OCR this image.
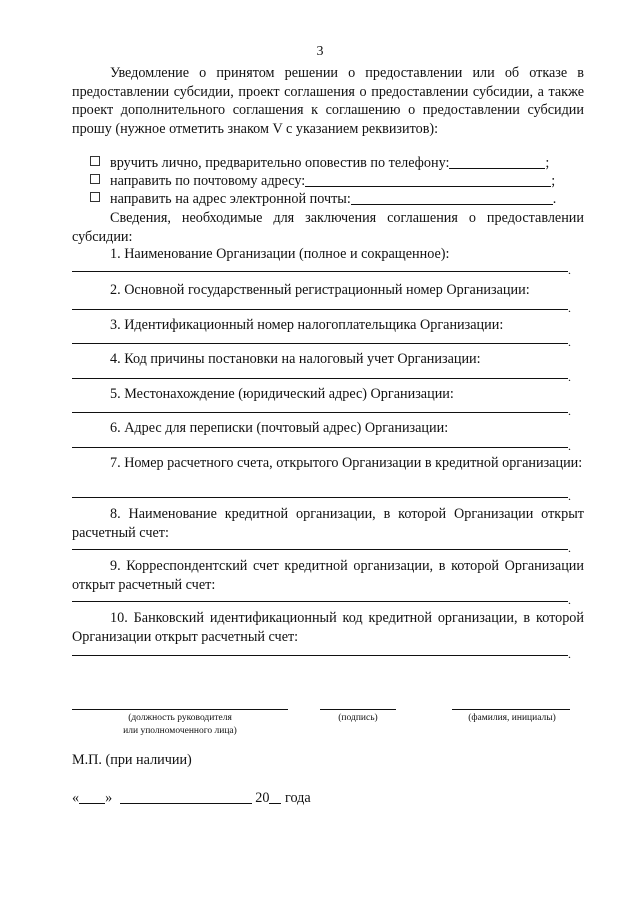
3
Уведомление о принятом решении о предоставлении или об отказе в предоставлении субсидии, проект соглашения о предоставлении субсидии, а также проект дополнительного соглашения к соглашению о предоставлении субсидии прошу (нужное отметить знаком V с указанием реквизитов):
вручить лично, предварительно оповестив по телефону:	;
направить по почтовому адресу:	;
направить на адрес электронной почты:	.
Сведения, необходимые для заключения соглашения о предоставлении субсидии:
1. Наименование Организации (полное и сокращенное):
.
2. Основной государственный регистрационный номер Организации:
.
3. Идентификационный номер налогоплательщика Организации:
.
4. Код причины постановки на налоговый учет Организации:
.
5. Местонахождение (юридический адрес) Организации:
.
6. Адрес для переписки (почтовый адрес) Организации:
.
7. Номер расчетного счета, открытого Организации в кредитной организации:
.
8. Наименование кредитной организации, в которой Организации открыт расчетный счет:
.
9. Корреспондентский счет кредитной организации, в которой Организации открыт расчетный счет:
.
10. Банковский идентификационный код кредитной организации, в которой Организации открыт расчетный счет:
.
(должность руководителя
или уполномоченного лица)
(подпись)	(фамилия, инициалы)
М.П. (при наличии)
« »	20 года
